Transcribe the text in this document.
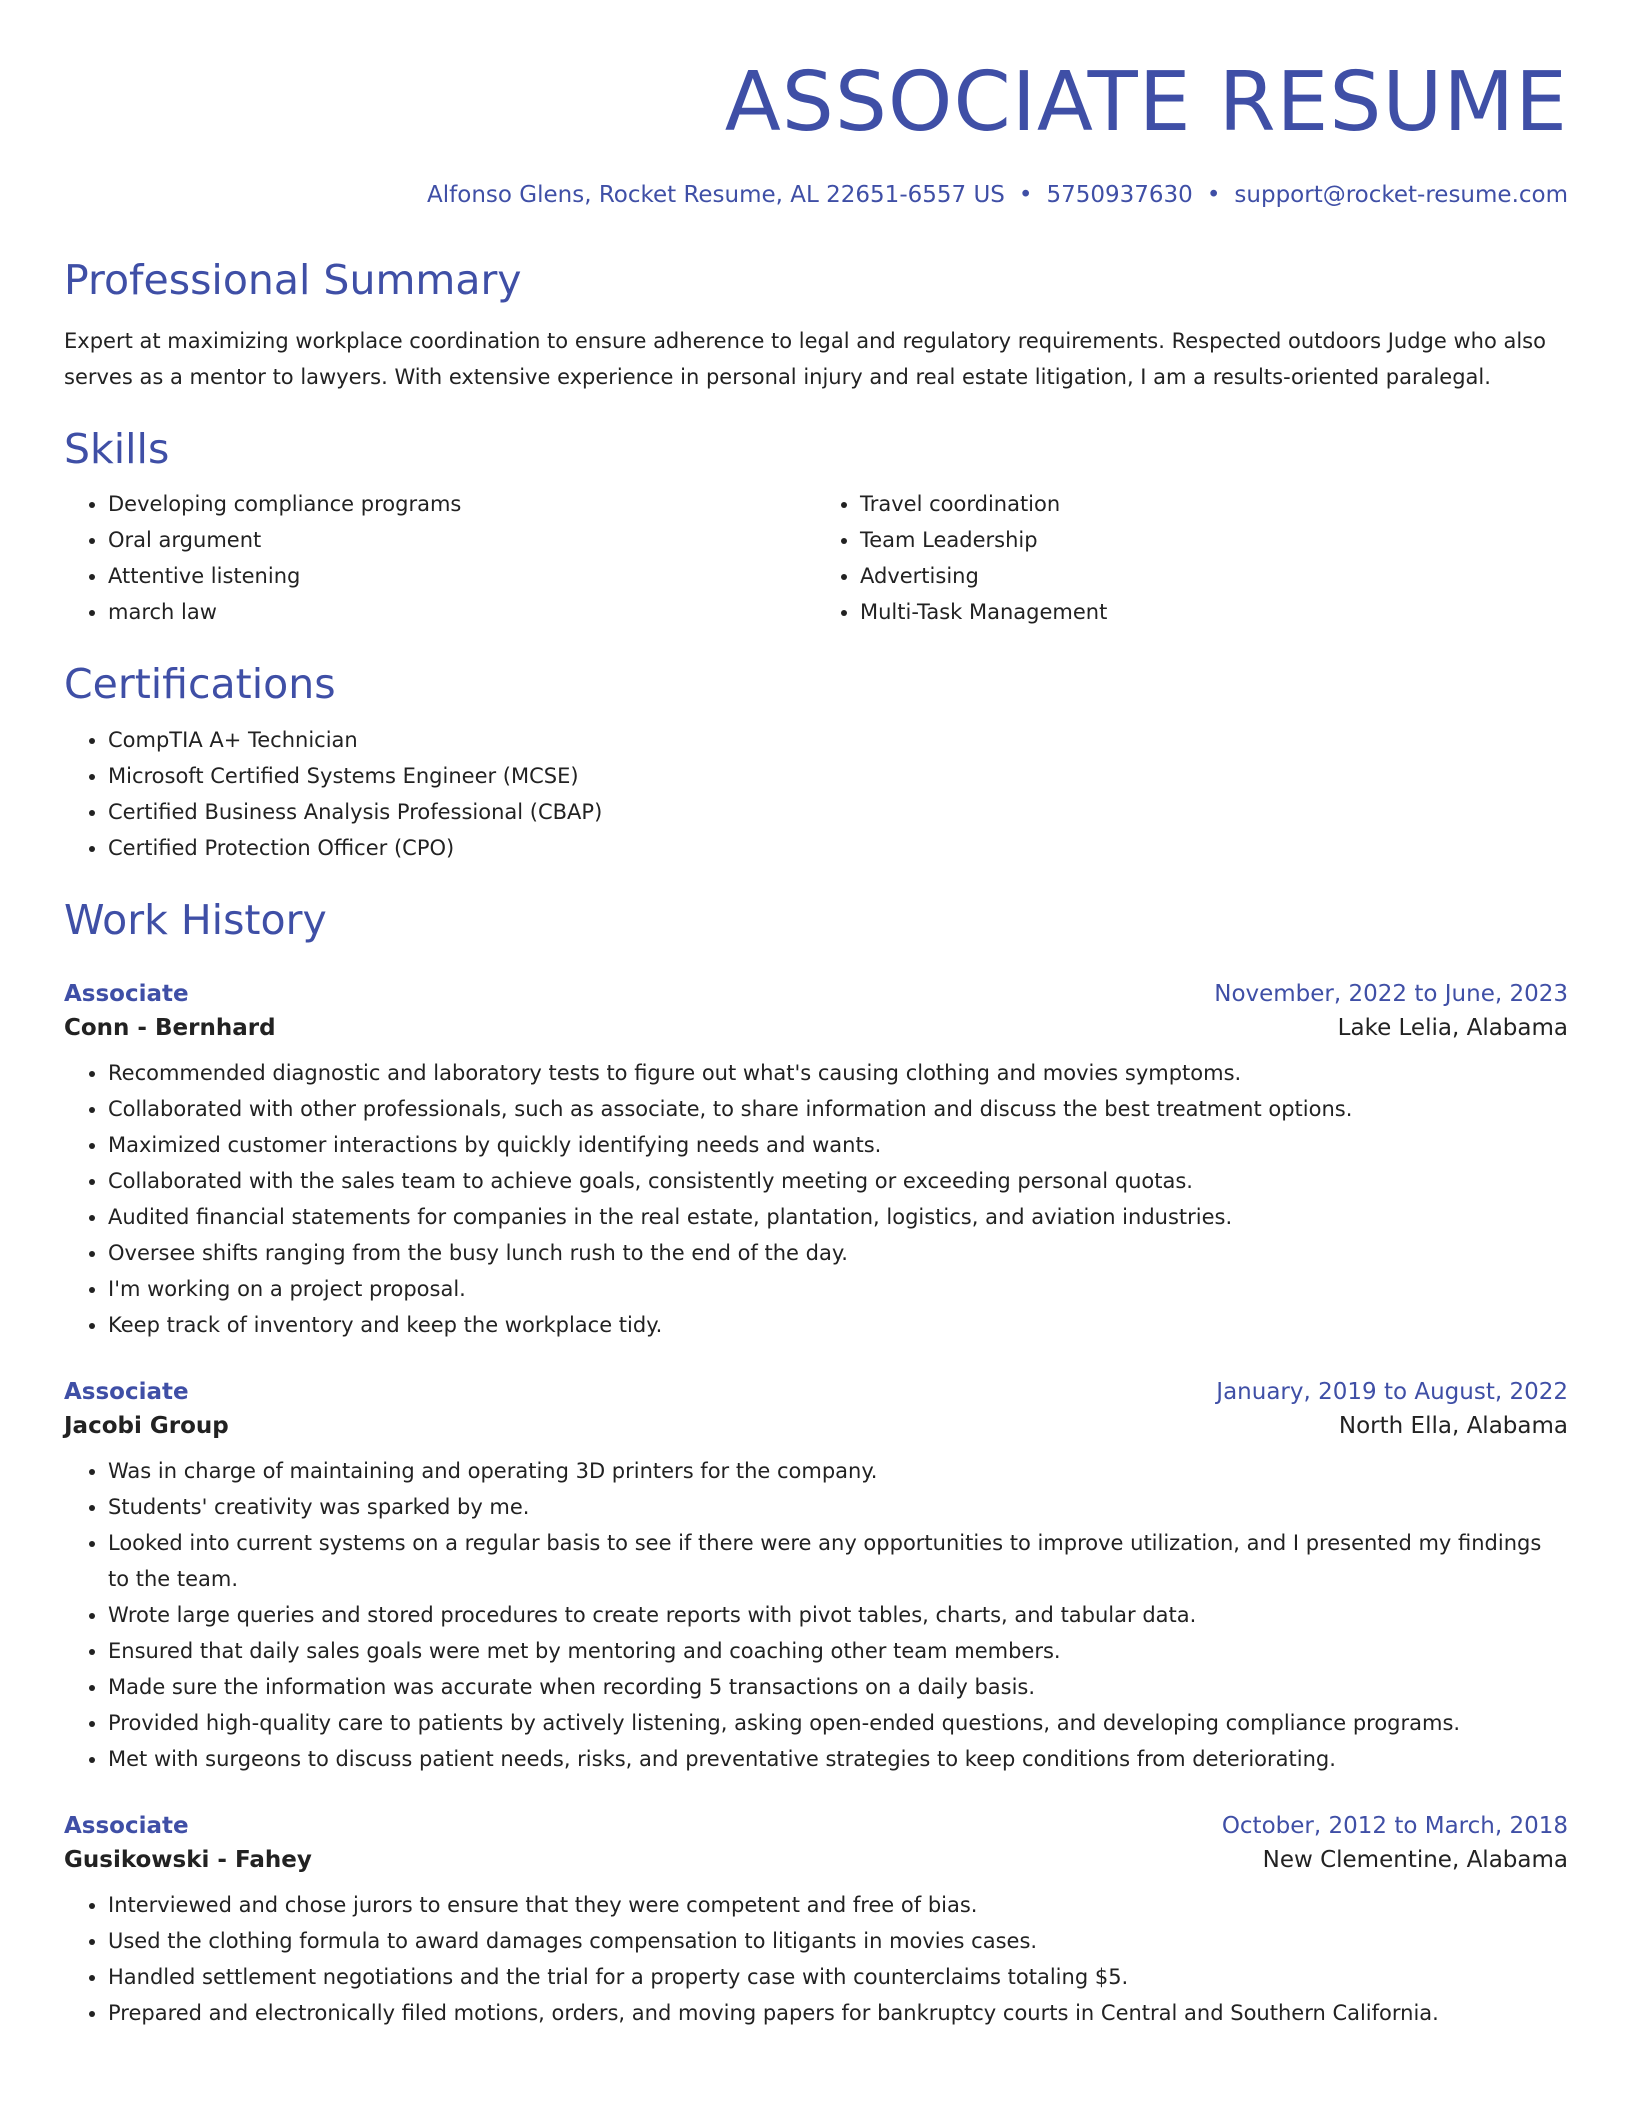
ASSOCIATE RESUME
Alfonso Glens, Rocket Resume, AL 22651-6557 US • 5750937630 • support@rocket-resume.com
Professional Summary

Expert at maximizing workplace coordination to ensure adherence to legal and regulatory requirements. Respected outdoors Judge who also serves as a mentor to lawyers. With extensive experience in personal injury and real estate litigation, I am a results-oriented paralegal.

Skills
• Developing compliance programs
• Oral argument
• Attentive listening
• march law
• Travel coordination
• Team Leadership
• Advertising
• Multi-Task Management
Certifications
• CompTIA A+ Technician
• Microsoft Certified Systems Engineer (MCSE)
• Certified Business Analysis Professional (CBAP)
• Certified Protection Officer (CPO)
Work History
Associate	November, 2022 to June, 2023
Conn - Bernhard	Lake Lelia, Alabama
• Recommended diagnostic and laboratory tests to figure out what's causing clothing and movies symptoms.
• Collaborated with other professionals, such as associate, to share information and discuss the best treatment options.
• Maximized customer interactions by quickly identifying needs and wants.
• Collaborated with the sales team to achieve goals, consistently meeting or exceeding personal quotas.
• Audited financial statements for companies in the real estate, plantation, logistics, and aviation industries.
• Oversee shifts ranging from the busy lunch rush to the end of the day.
• I'm working on a project proposal.
• Keep track of inventory and keep the workplace tidy.
Associate	January, 2019 to August, 2022
Jacobi Group	North Ella, Alabama
• Was in charge of maintaining and operating 3D printers for the company.
• Students' creativity was sparked by me.
• Looked into current systems on a regular basis to see if there were any opportunities to improve utilization, and I presented my findings to the team.
• Wrote large queries and stored procedures to create reports with pivot tables, charts, and tabular data.
• Ensured that daily sales goals were met by mentoring and coaching other team members.
• Made sure the information was accurate when recording 5 transactions on a daily basis.
• Provided high-quality care to patients by actively listening, asking open-ended questions, and developing compliance programs.
• Met with surgeons to discuss patient needs, risks, and preventative strategies to keep conditions from deteriorating.
Associate	October, 2012 to March, 2018
Gusikowski - Fahey	New Clementine, Alabama
• Interviewed and chose jurors to ensure that they were competent and free of bias.
• Used the clothing formula to award damages compensation to litigants in movies cases.
• Handled settlement negotiations and the trial for a property case with counterclaims totaling $5.
• Prepared and electronically filed motions, orders, and moving papers for bankruptcy courts in Central and Southern California.
